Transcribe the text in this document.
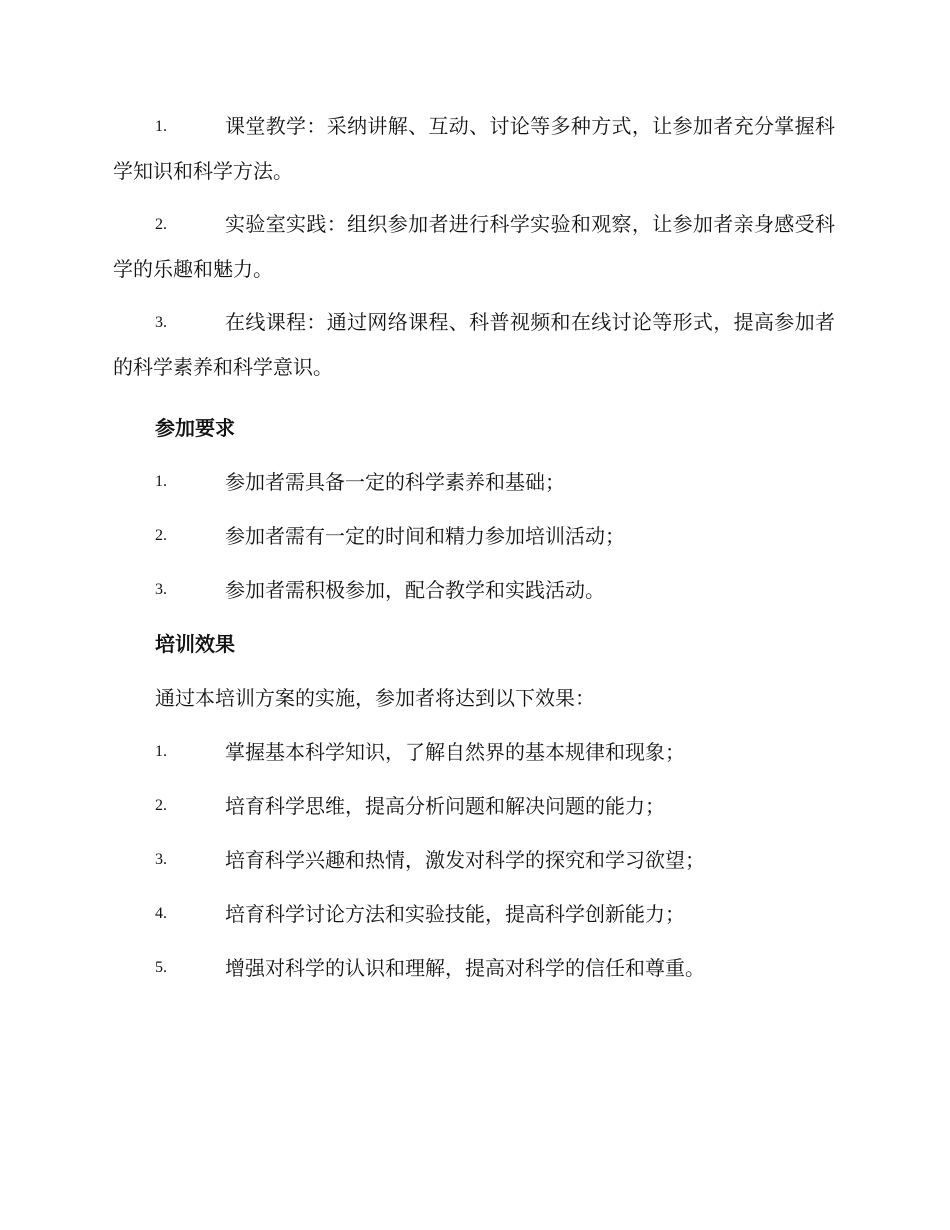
1.	课堂教学：采纳讲解、互动、讨论等多种方式，让参加者充分掌握科学知识和科学方法。
2.	实验室实践：组织参加者进行科学实验和观察，让参加者亲身感受科学的乐趣和魅力。
3.	在线课程：通过网络课程、科普视频和在线讨论等形式，提高参加者的科学素养和科学意识。
参加要求
1.	参加者需具备一定的科学素养和基础；
2.	参加者需有一定的时间和精力参加培训活动；
3.	参加者需积极参加，配合教学和实践活动。
培训效果
通过本培训方案的实施，参加者将达到以下效果：
1.	掌握基本科学知识，了解自然界的基本规律和现象；
2.	培育科学思维，提高分析问题和解决问题的能力；
3.	培育科学兴趣和热情，激发对科学的探究和学习欲望；
4.	培育科学讨论方法和实验技能，提高科学创新能力；
5.	增强对科学的认识和理解，提高对科学的信任和尊重。
